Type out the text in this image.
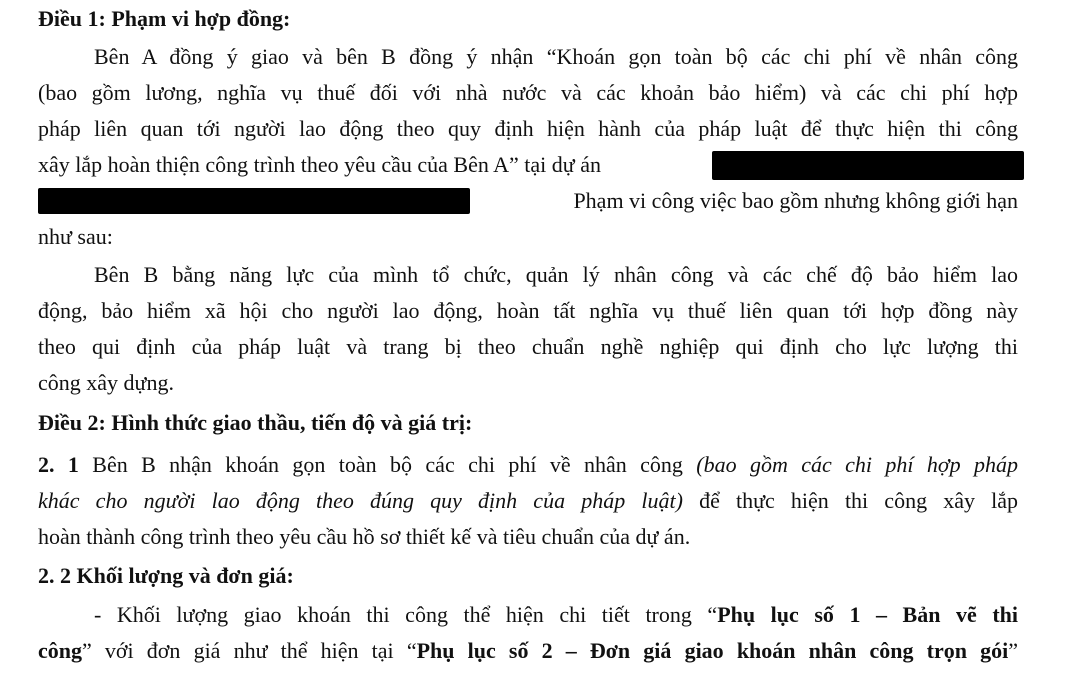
Điều 1: Phạm vi hợp đồng:
Bên A đồng ý giao và bên B đồng ý nhận “Khoán gọn toàn bộ các chi phí về nhân công
(bao gồm lương, nghĩa vụ thuế đối với nhà nước và các khoản bảo hiểm) và các chi phí hợp
pháp liên quan tới người lao động theo quy định hiện hành của pháp luật để thực hiện thi công
xây lắp hoàn thiện công trình theo yêu cầu của Bên A” tại dự án
Phạm vi công việc bao gồm nhưng không giới hạn
như sau:
Bên B bằng năng lực của mình tổ chức, quản lý nhân công và các chế độ bảo hiểm lao
động, bảo hiểm xã hội cho người lao động, hoàn tất nghĩa vụ thuế liên quan tới hợp đồng này
theo qui định của pháp luật và trang bị theo chuẩn nghề nghiệp qui định cho lực lượng thi
công xây dựng.
Điều 2: Hình thức giao thầu, tiến độ và giá trị:
2. 1 Bên B nhận khoán gọn toàn bộ các chi phí về nhân công (bao gồm các chi phí hợp pháp
khác cho người lao động theo đúng quy định của pháp luật) để thực hiện thi công xây lắp
hoàn thành công trình theo yêu cầu hồ sơ thiết kế và tiêu chuẩn của dự án.
2. 2 Khối lượng và đơn giá:
- Khối lượng giao khoán thi công thể hiện chi tiết trong “Phụ lục số 1 – Bản vẽ thi
công” với đơn giá như thể hiện tại “Phụ lục số 2 – Đơn giá giao khoán nhân công trọn gói”
